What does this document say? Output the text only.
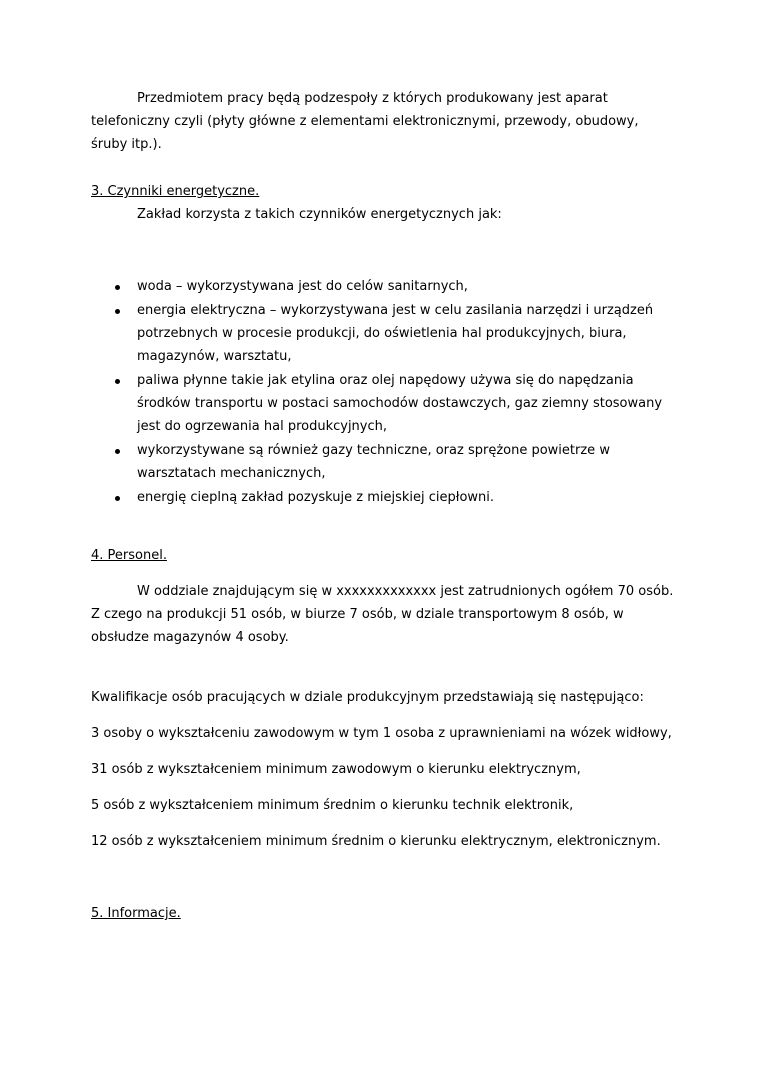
Przedmiotem pracy będą podzespoły z których produkowany jest aparat
telefoniczny czyli (płyty główne z elementami elektronicznymi, przewody, obudowy,
śruby itp.).
3. Czynniki energetyczne.
Zakład korzysta z takich czynników energetycznych jak:
woda – wykorzystywana jest do celów sanitarnych,
energia elektryczna – wykorzystywana jest w celu zasilania narzędzi i urządzeń
potrzebnych w procesie produkcji, do oświetlenia hal produkcyjnych, biura,
magazynów, warsztatu,
paliwa płynne takie jak etylina oraz olej napędowy używa się do napędzania
środków transportu w postaci samochodów dostawczych, gaz ziemny stosowany
jest do ogrzewania hal produkcyjnych,
wykorzystywane są również gazy techniczne, oraz sprężone powietrze w
warsztatach mechanicznych,
energię cieplną zakład pozyskuje z miejskiej ciepłowni.
4. Personel.
W oddziale znajdującym się w xxxxxxxxxxxxx jest zatrudnionych ogółem 70 osób.
Z czego na produkcji 51 osób, w biurze 7 osób, w dziale transportowym 8 osób, w
obsłudze magazynów 4 osoby.
Kwalifikacje osób pracujących w dziale produkcyjnym przedstawiają się następująco:
3 osoby o wykształceniu zawodowym w tym 1 osoba z uprawnieniami na wózek widłowy,
31 osób z wykształceniem minimum zawodowym o kierunku elektrycznym,
5 osób z wykształceniem minimum średnim o kierunku technik elektronik,
12 osób z wykształceniem minimum średnim o kierunku elektrycznym, elektronicznym.
5. Informacje.
